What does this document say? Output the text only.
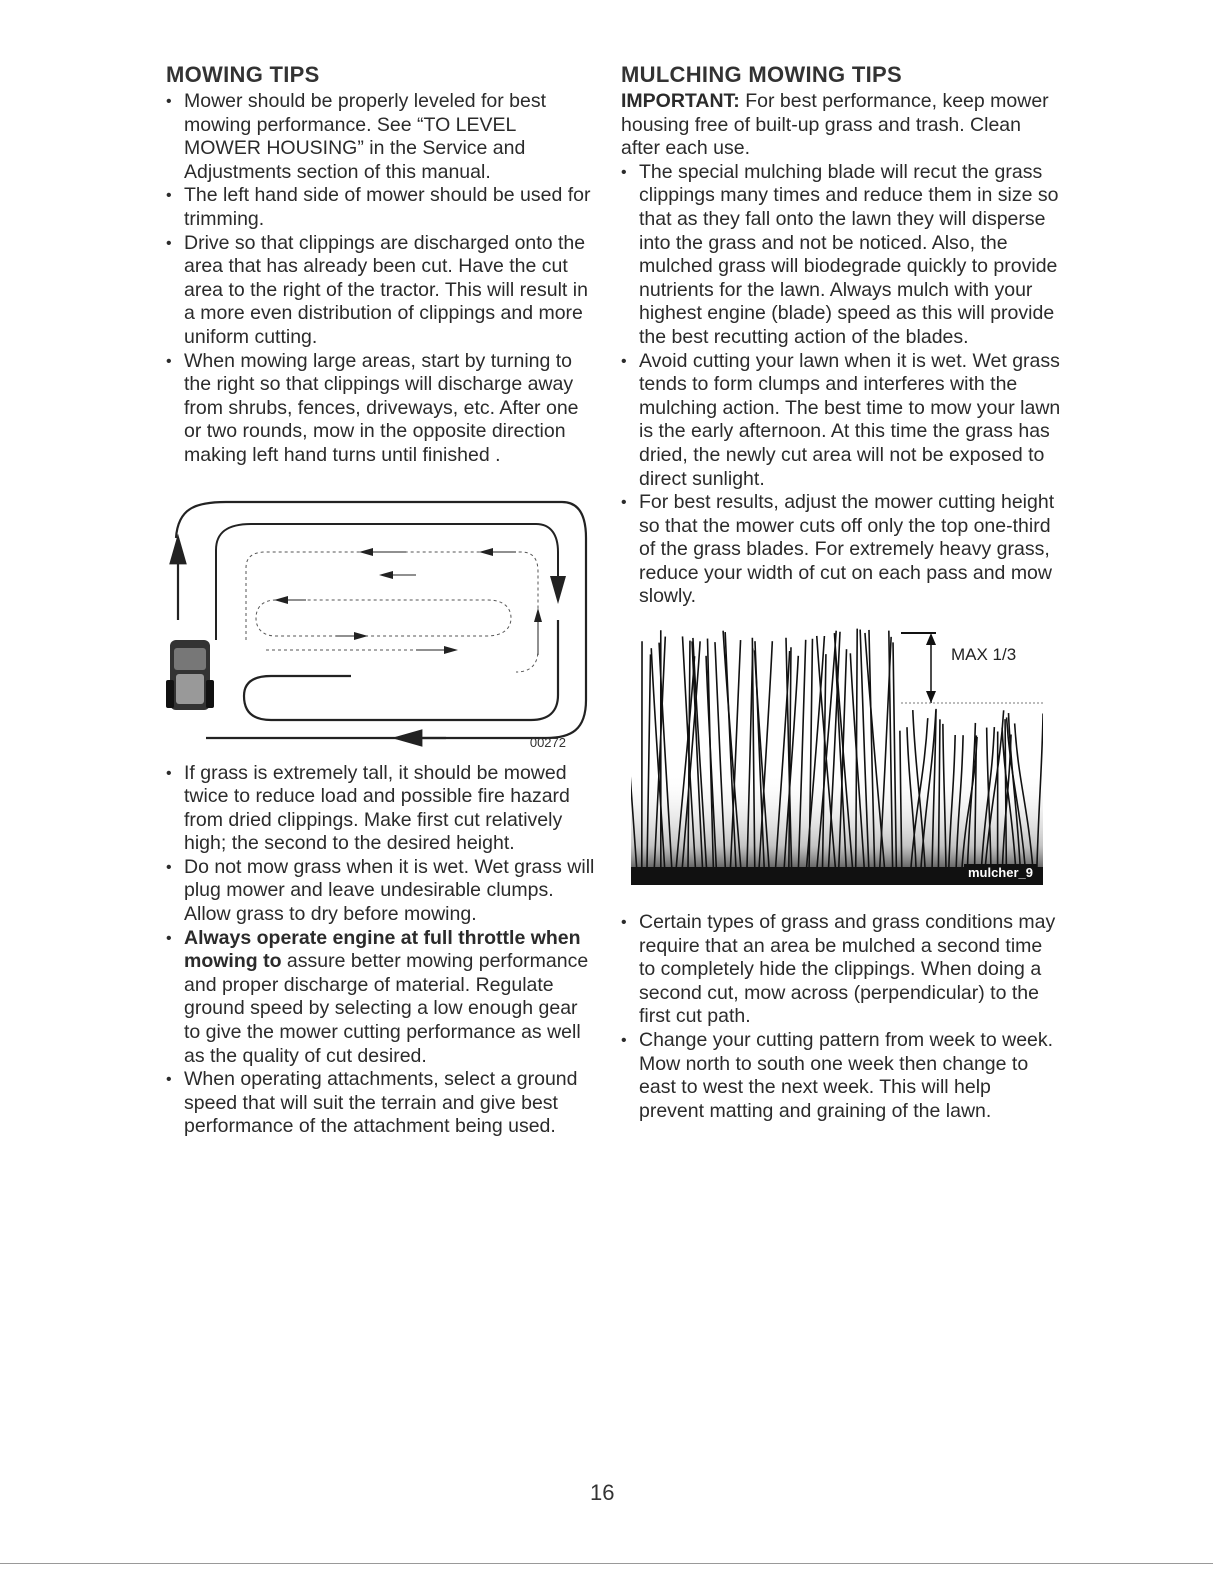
MOWING TIPS
• Mower should be properly leveled for best mowing performance. See “TO LEVEL MOWER HOUSING” in the Service and Adjustments section of this manual.
• The left hand side of mower should be used for trimming.
• Drive so that clippings are discharged onto the area that has already been cut. Have the cut area to the right of the tractor. This will result in a more even distribution of clippings and more uniform cutting.
• When mowing large areas, start by turning to the right so that clippings will discharge away from shrubs, fences, driveways, etc. After one or two rounds, mow in the opposite direction making left hand turns until finished .
00272
• If grass is extremely tall, it should be mowed twice to reduce load and possible fire hazard from dried clippings. Make first cut relatively high; the second to the desired height.
• Do not mow grass when it is wet. Wet grass will plug mower and leave undesirable clumps. Allow grass to dry before mowing.
• Always operate engine at full throttle when mowing to assure better mowing performance and proper discharge of material. Regulate ground speed by selecting a low enough gear to give the mower cutting performance as well as the quality of cut desired.
• When operating attachments, select a ground speed that will suit the terrain and give best performance of the attachment being used.
MULCHING MOWING TIPS

IMPORTANT: For best performance, keep mower housing free of built-up grass and trash. Clean after each use.

• The special mulching blade will recut the grass clippings many times and reduce them in size so that as they fall onto the lawn they will disperse into the grass and not be noticed. Also, the mulched grass will biodegrade quickly to provide nutrients for the lawn. Always mulch with your highest engine (blade) speed as this will provide the best recutting action of the blades.
• Avoid cutting your lawn when it is wet. Wet grass tends to form clumps and interferes with the mulching action. The best time to mow your lawn is the early afternoon. At this time the grass has dried, the newly cut area will not be exposed to direct sunlight.
• For best results, adjust the mower cutting height so that the mower cuts off only the top one-third of the grass blades. For extremely heavy grass, reduce your width of cut on each pass and mow slowly.
MAX 1/3
mulcher_9
• Certain types of grass and grass conditions may require that an area be mulched a second time to completely hide the clippings. When doing a second cut, mow across (perpendicular) to the first cut path.
• Change your cutting pattern from week to week. Mow north to south one week then change to east to west the next week. This will help prevent matting and graining of the lawn.
16
